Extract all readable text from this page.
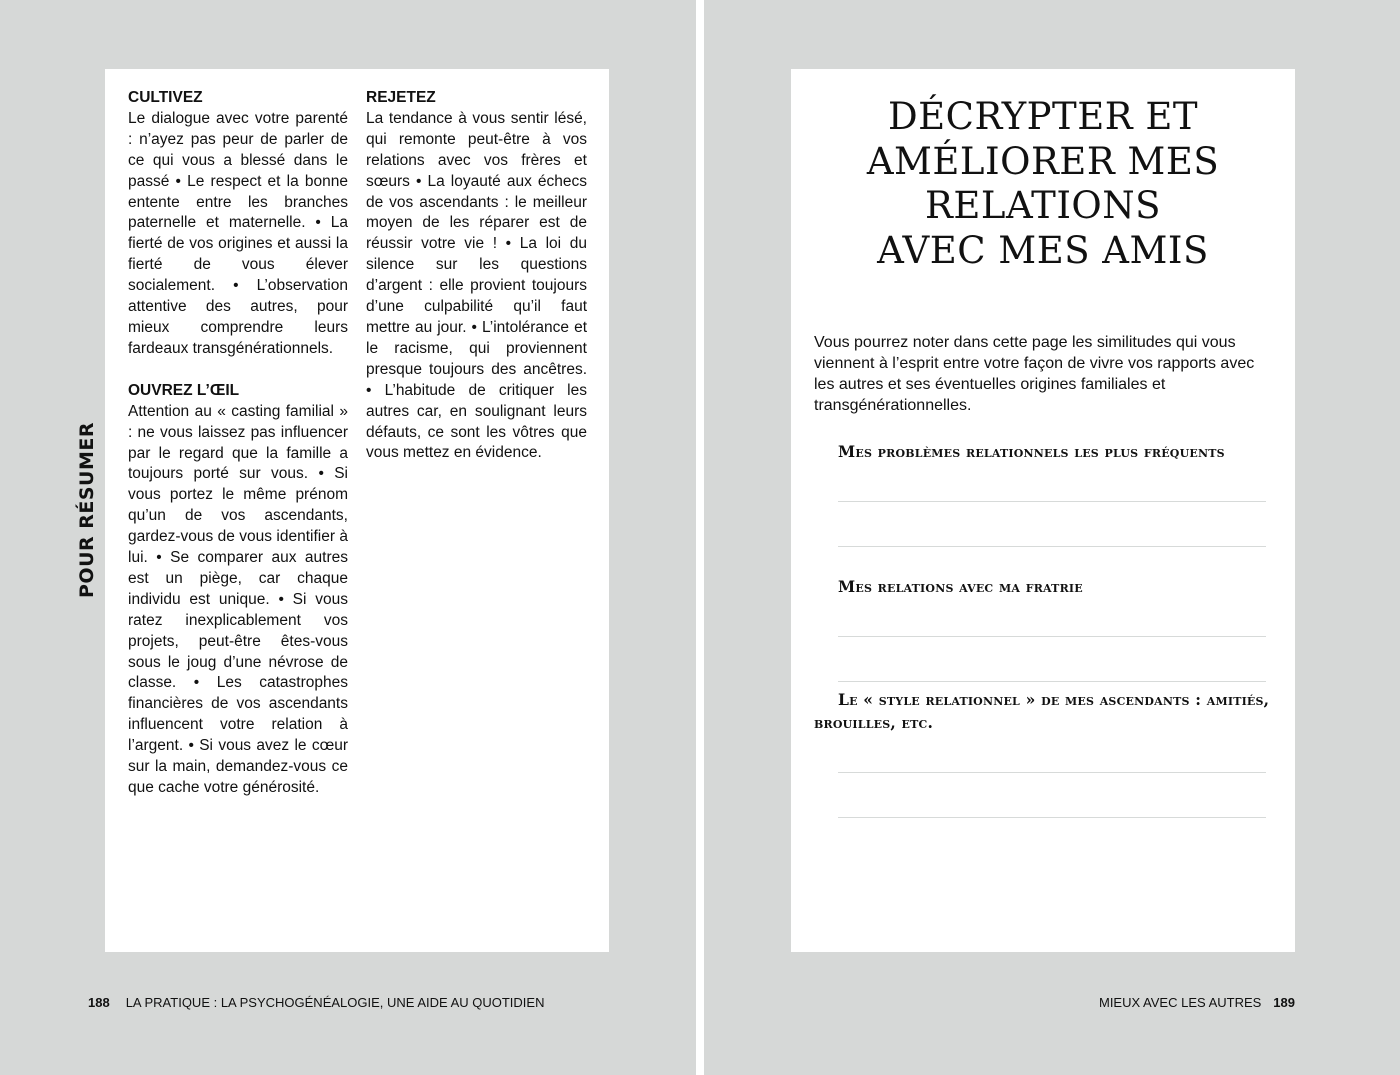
POUR RÉSUMER
CULTIVEZ

Le dialogue avec votre parenté : n’ayez pas peur de parler de ce qui vous a blessé dans le passé • Le respect et la bonne entente entre les branches paternelle et maternelle. • La fierté de vos origines et aussi la fierté de vous élever socialement. • L’observation attentive des autres, pour mieux comprendre leurs fardeaux transgénérationnels.

OUVREZ L’ŒIL

Attention au « casting familial » : ne vous laissez pas influencer par le regard que la famille a toujours porté sur vous. • Si vous portez le même prénom qu’un de vos ascendants, gardez-vous de vous identifier à lui. • Se comparer aux autres est un piège, car chaque individu est unique. • Si vous ratez inexplicablement vos projets, peut-être êtes-vous sous le joug d’une névrose de classe. • Les catastrophes financières de vos ascendants influencent votre relation à l’argent. • Si vous avez le cœur sur la main, demandez-vous ce que cache votre générosité.

REJETEZ

La tendance à vous sentir lésé, qui remonte peut-être à vos relations avec vos frères et sœurs • La loyauté aux échecs de vos ascendants : le meilleur moyen de les réparer est de réussir votre vie ! • La loi du silence sur les questions d’argent : elle provient toujours d’une culpabilité qu’il faut mettre au jour. • L’intolérance et le racisme, qui proviennent presque toujours des ancêtres. • L’habitude de critiquer les autres car, en soulignant leurs défauts, ce sont les vôtres que vous mettez en évidence.

188 LA PRATIQUE : LA PSYCHOGÉNÉALOGIE, UNE AIDE AU QUOTIDIEN
DÉCRYPTER ET
AMÉLIORER MES
RELATIONS
AVEC MES AMIS

Vous pourrez noter dans cette page les similitudes qui vous viennent à l’esprit entre votre façon de vivre vos rapports avec les autres et ses éventuelles origines familiales et transgénérationnelles.

Mes problèmes relationnels les plus fréquents

Mes relations avec ma fratrie

Le « style relationnel » de mes ascendants : amitiés, brouilles, etc.

MIEUX AVEC LES AUTRES 189
